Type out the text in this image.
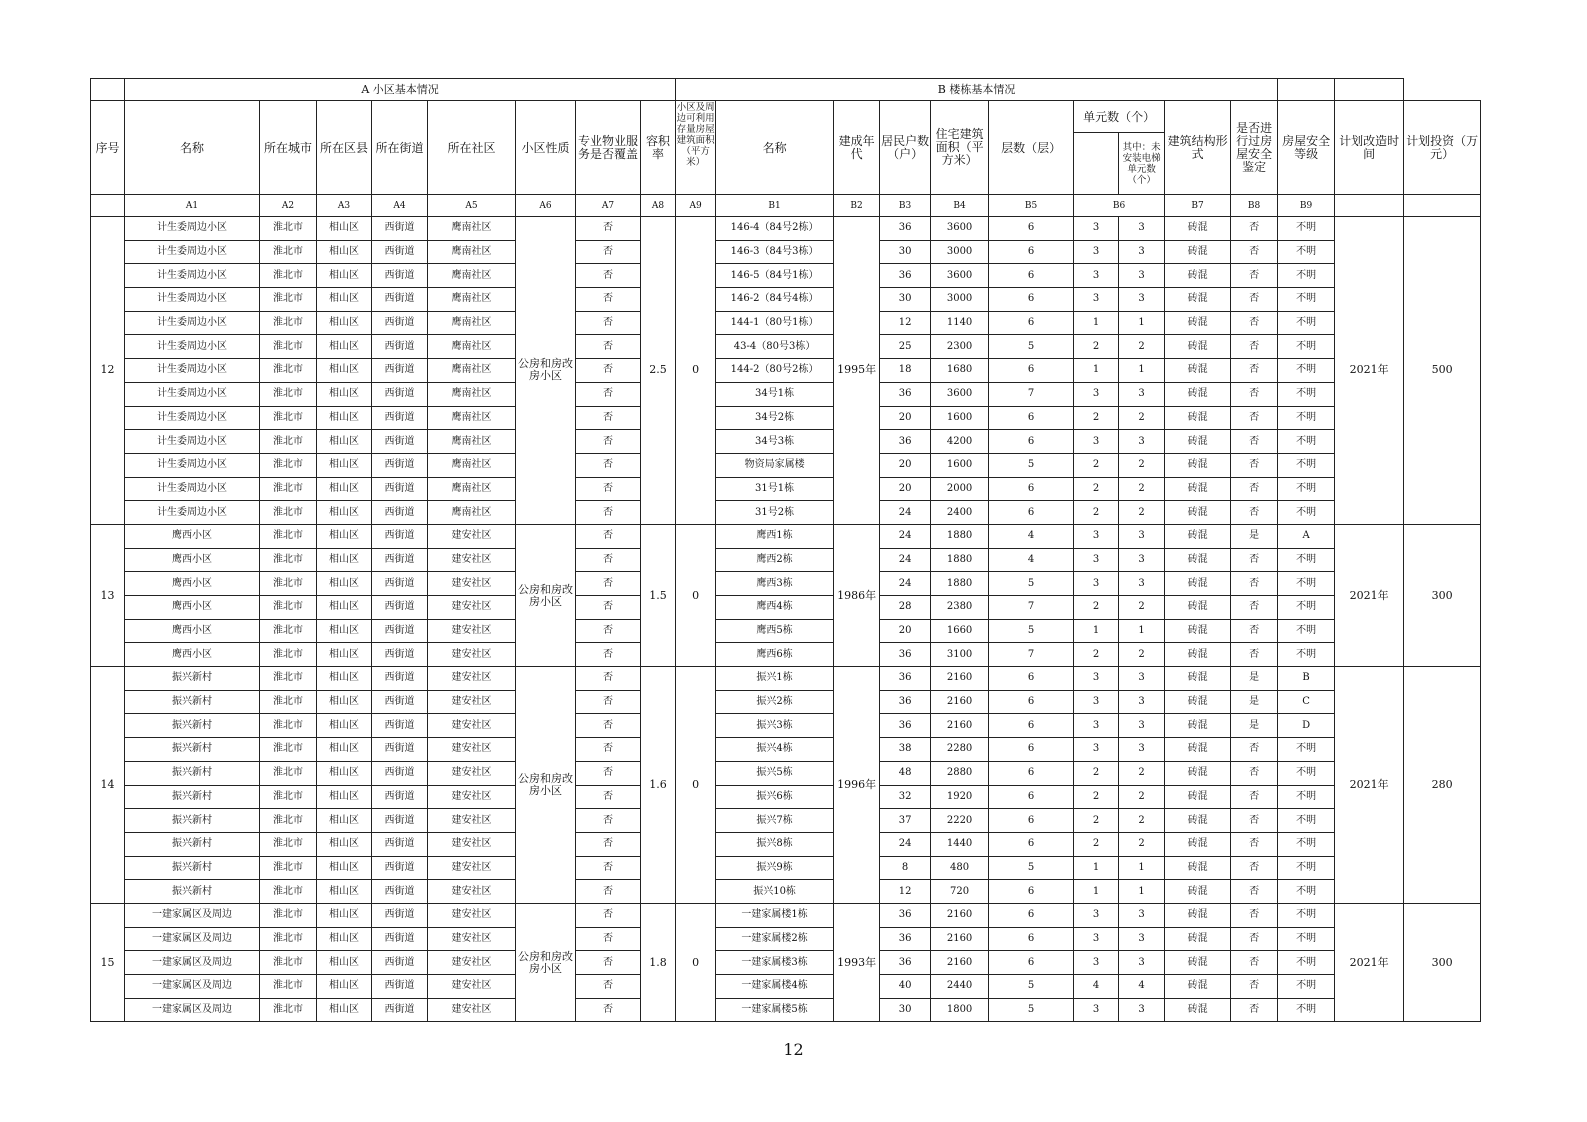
	A 小区基本情况								B 楼栋基本情况												
序号	名称	所在城市	所在区县	所在街道	所在社区	小区性质	专业物业服务是否覆盖	容积率	小区及周边可利用存量房屋建筑面积（平方米）	名称	建成年代	居民户数（户）	住宅建筑面积（平方米）	层数（层）	单元数（个）		建筑结构形式	是否进行过房屋安全鉴定	房屋安全等级	计划改造时间	计划投资（万元）
																其中：未安装电梯单元数（个）					
	A1	A2	A3	A4	A5	A6	A7	A8	A9	B1	B2	B3	B4	B5	B6		B7	B8	B9		
12	计生委周边小区	淮北市	相山区	西街道	鹰南社区	公房和房改房小区	否	2.5	0	146-4（84号2栋）	1995年	36	3600	6	3	3	砖混	否	不明	2021年	500
	计生委周边小区	淮北市	相山区	西街道	鹰南社区		否			146-3（84号3栋）		30	3000	6	3	3	砖混	否	不明		
	计生委周边小区	淮北市	相山区	西街道	鹰南社区		否			146-5（84号1栋）		36	3600	6	3	3	砖混	否	不明		
	计生委周边小区	淮北市	相山区	西街道	鹰南社区		否			146-2（84号4栋）		30	3000	6	3	3	砖混	否	不明		
	计生委周边小区	淮北市	相山区	西街道	鹰南社区		否			144-1（80号1栋）		12	1140	6	1	1	砖混	否	不明		
	计生委周边小区	淮北市	相山区	西街道	鹰南社区		否			43-4（80号3栋）		25	2300	5	2	2	砖混	否	不明		
	计生委周边小区	淮北市	相山区	西街道	鹰南社区		否			144-2（80号2栋）		18	1680	6	1	1	砖混	否	不明		
	计生委周边小区	淮北市	相山区	西街道	鹰南社区		否			34号1栋		36	3600	7	3	3	砖混	否	不明		
	计生委周边小区	淮北市	相山区	西街道	鹰南社区		否			34号2栋		20	1600	6	2	2	砖混	否	不明		
	计生委周边小区	淮北市	相山区	西街道	鹰南社区		否			34号3栋		36	4200	6	3	3	砖混	否	不明		
	计生委周边小区	淮北市	相山区	西街道	鹰南社区		否			物资局家属楼		20	1600	5	2	2	砖混	否	不明		
	计生委周边小区	淮北市	相山区	西街道	鹰南社区		否			31号1栋		20	2000	6	2	2	砖混	否	不明		
	计生委周边小区	淮北市	相山区	西街道	鹰南社区		否			31号2栋		24	2400	6	2	2	砖混	否	不明		
13	鹰西小区	淮北市	相山区	西街道	建安社区	公房和房改房小区	否	1.5	0	鹰西1栋	1986年	24	1880	4	3	3	砖混	是	A	2021年	300
	鹰西小区	淮北市	相山区	西街道	建安社区		否			鹰西2栋		24	1880	4	3	3	砖混	否	不明		
	鹰西小区	淮北市	相山区	西街道	建安社区		否			鹰西3栋		24	1880	5	3	3	砖混	否	不明		
	鹰西小区	淮北市	相山区	西街道	建安社区		否			鹰西4栋		28	2380	7	2	2	砖混	否	不明		
	鹰西小区	淮北市	相山区	西街道	建安社区		否			鹰西5栋		20	1660	5	1	1	砖混	否	不明		
	鹰西小区	淮北市	相山区	西街道	建安社区		否			鹰西6栋		36	3100	7	2	2	砖混	否	不明		
14	振兴新村	淮北市	相山区	西街道	建安社区	公房和房改房小区	否	1.6	0	振兴1栋	1996年	36	2160	6	3	3	砖混	是	B	2021年	280
	振兴新村	淮北市	相山区	西街道	建安社区		否			振兴2栋		36	2160	6	3	3	砖混	是	C		
	振兴新村	淮北市	相山区	西街道	建安社区		否			振兴3栋		36	2160	6	3	3	砖混	是	D		
	振兴新村	淮北市	相山区	西街道	建安社区		否			振兴4栋		38	2280	6	3	3	砖混	否	不明		
	振兴新村	淮北市	相山区	西街道	建安社区		否			振兴5栋		48	2880	6	2	2	砖混	否	不明		
	振兴新村	淮北市	相山区	西街道	建安社区		否			振兴6栋		32	1920	6	2	2	砖混	否	不明		
	振兴新村	淮北市	相山区	西街道	建安社区		否			振兴7栋		37	2220	6	2	2	砖混	否	不明		
	振兴新村	淮北市	相山区	西街道	建安社区		否			振兴8栋		24	1440	6	2	2	砖混	否	不明		
	振兴新村	淮北市	相山区	西街道	建安社区		否			振兴9栋		8	480	5	1	1	砖混	否	不明		
	振兴新村	淮北市	相山区	西街道	建安社区		否			振兴10栋		12	720	6	1	1	砖混	否	不明		
15	一建家属区及周边	淮北市	相山区	西街道	建安社区	公房和房改房小区	否	1.8	0	一建家属楼1栋	1993年	36	2160	6	3	3	砖混	否	不明	2021年	300
	一建家属区及周边	淮北市	相山区	西街道	建安社区		否			一建家属楼2栋		36	2160	6	3	3	砖混	否	不明		
	一建家属区及周边	淮北市	相山区	西街道	建安社区		否			一建家属楼3栋		36	2160	6	3	3	砖混	否	不明		
	一建家属区及周边	淮北市	相山区	西街道	建安社区		否			一建家属楼4栋		40	2440	5	4	4	砖混	否	不明		
	一建家属区及周边	淮北市	相山区	西街道	建安社区		否			一建家属楼5栋		30	1800	5	3	3	砖混	否	不明		
12
